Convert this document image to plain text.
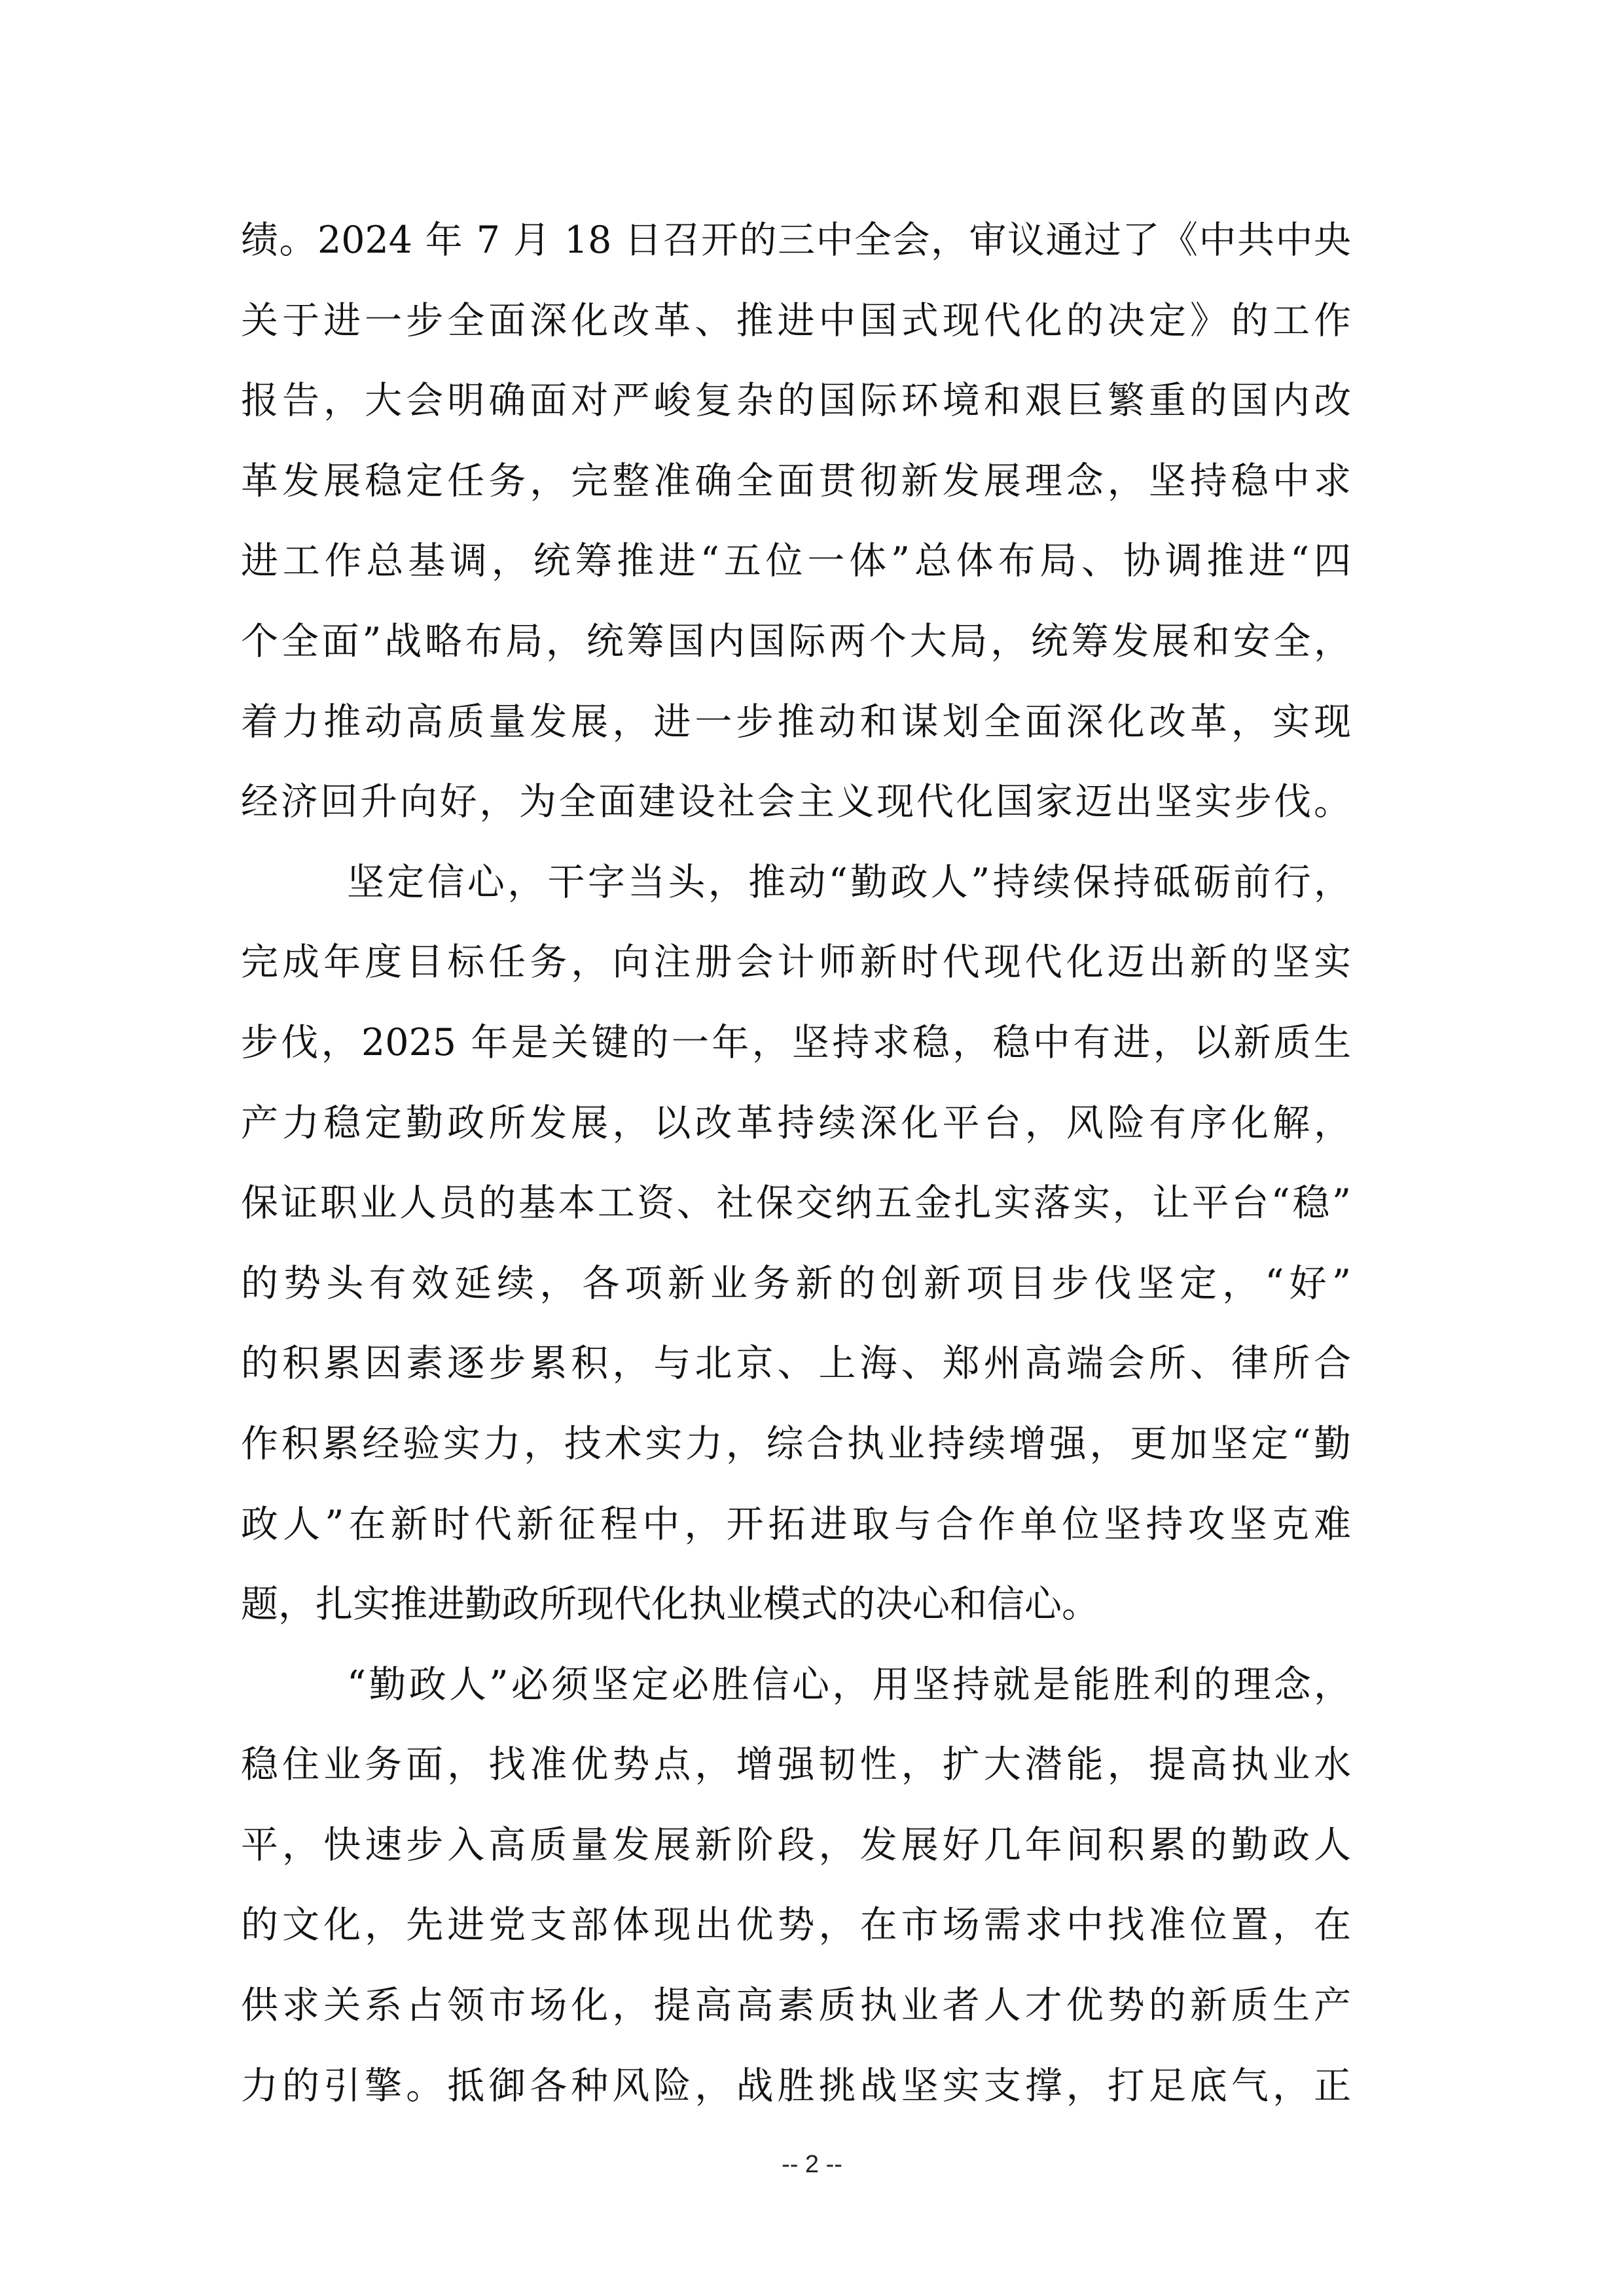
绩。2024 年 7 月 18 日召开的三中全会，审议通过了《中共中央
关于进一步全面深化改革、推进中国式现代化的决定》的工作
报告，大会明确面对严峻复杂的国际环境和艰巨繁重的国内改
革发展稳定任务，完整准确全面贯彻新发展理念，坚持稳中求
进工作总基调，统筹推进“五位一体”总体布局、协调推进“四
个全面”战略布局，统筹国内国际两个大局，统筹发展和安全，
着力推动高质量发展，进一步推动和谋划全面深化改革，实现
经济回升向好，为全面建设社会主义现代化国家迈出坚实步伐。
坚定信心，干字当头，推动“勤政人”持续保持砥砺前行，
完成年度目标任务，向注册会计师新时代现代化迈出新的坚实
步伐，2025 年是关键的一年，坚持求稳，稳中有进，以新质生
产力稳定勤政所发展，以改革持续深化平台，风险有序化解，
保证职业人员的基本工资、社保交纳五金扎实落实，让平台“稳”
的势头有效延续，各项新业务新的创新项目步伐坚定，“好”
的积累因素逐步累积，与北京、上海、郑州高端会所、律所合
作积累经验实力，技术实力，综合执业持续增强，更加坚定“勤
政人”在新时代新征程中，开拓进取与合作单位坚持攻坚克难
题，扎实推进勤政所现代化执业模式的决心和信心。
“勤政人”必须坚定必胜信心，用坚持就是能胜利的理念，
稳住业务面，找准优势点，增强韧性，扩大潜能，提高执业水
平，快速步入高质量发展新阶段，发展好几年间积累的勤政人
的文化，先进党支部体现出优势，在市场需求中找准位置，在
供求关系占领市场化，提高高素质执业者人才优势的新质生产
力的引擎。抵御各种风险，战胜挑战坚实支撑，打足底气，正
-- 2 --
